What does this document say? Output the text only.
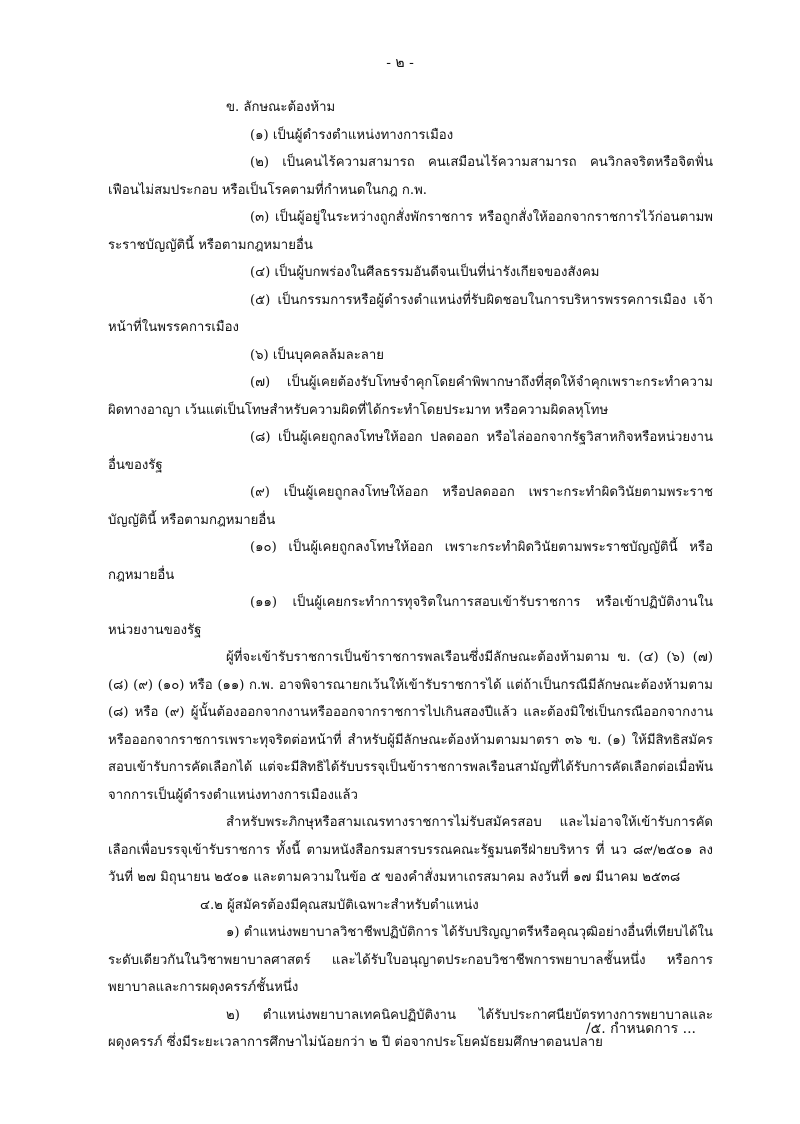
- ๒ -

ข. ลักษณะต้องห้าม

(๑) เป็นผู้ดำรงตำแหน่งทางการเมือง

(๒) เป็นคนไร้ความสามารถ คนเสมือนไร้ความสามารถ คนวิกลจริตหรือจิตฟั่นเฟือนไม่สมประกอบ หรือเป็นโรคตามที่กำหนดในกฎ ก.พ.

(๓) เป็นผู้อยู่ในระหว่างถูกสั่งพักราชการ หรือถูกสั่งให้ออกจากราชการไว้ก่อนตามพระราชบัญญัตินี้ หรือตามกฎหมายอื่น

(๔) เป็นผู้บกพร่องในศีลธรรมอันดีจนเป็นที่น่ารังเกียจของสังคม

(๕) เป็นกรรมการหรือผู้ดำรงตำแหน่งที่รับผิดชอบในการบริหารพรรคการเมือง เจ้าหน้าที่ในพรรคการเมือง

(๖) เป็นบุคคลล้มละลาย

(๗) เป็นผู้เคยต้องรับโทษจำคุกโดยคำพิพากษาถึงที่สุดให้จำคุกเพราะกระทำความผิดทางอาญา เว้นแต่เป็นโทษสำหรับความผิดที่ได้กระทำโดยประมาท หรือความผิดลหุโทษ

(๘) เป็นผู้เคยถูกลงโทษให้ออก ปลดออก หรือไล่ออกจากรัฐวิสาหกิจหรือหน่วยงานอื่นของรัฐ

(๙) เป็นผู้เคยถูกลงโทษให้ออก หรือปลดออก เพราะกระทำผิดวินัยตามพระราชบัญญัตินี้ หรือตามกฎหมายอื่น

(๑๐) เป็นผู้เคยถูกลงโทษให้ออก เพราะกระทำผิดวินัยตามพระราชบัญญัตินี้ หรือกฎหมายอื่น

(๑๑) เป็นผู้เคยกระทำการทุจริตในการสอบเข้ารับราชการ หรือเข้าปฏิบัติงานในหน่วยงานของรัฐ

ผู้ที่จะเข้ารับราชการเป็นข้าราชการพลเรือนซึ่งมีลักษณะต้องห้ามตาม ข. (๔) (๖) (๗) (๘) (๙) (๑๐) หรือ (๑๑) ก.พ. อาจพิจารณายกเว้นให้เข้ารับราชการได้ แต่ถ้าเป็นกรณีมีลักษณะต้องห้ามตาม (๘) หรือ (๙) ผู้นั้นต้องออกจากงานหรือออกจากราชการไปเกินสองปีแล้ว และต้องมิใช่เป็นกรณีออกจากงานหรือออกจากราชการเพราะทุจริตต่อหน้าที่ สำหรับผู้มีลักษณะต้องห้ามตามมาตรา ๓๖ ข. (๑) ให้มีสิทธิสมัครสอบเข้ารับการคัดเลือกได้ แต่จะมีสิทธิได้รับบรรจุเป็นข้าราชการพลเรือนสามัญที่ได้รับการคัดเลือกต่อเมื่อพ้นจากการเป็นผู้ดำรงตำแหน่งทางการเมืองแล้ว

สำหรับพระภิกษุหรือสามเณรทางราชการไม่รับสมัครสอบ และไม่อาจให้เข้ารับการคัดเลือกเพื่อบรรจุเข้ารับราชการ ทั้งนี้ ตามหนังสือกรมสารบรรณคณะรัฐมนตรีฝ่ายบริหาร ที่ นว ๘๙/๒๕๐๑ ลงวันที่ ๒๗ มิถุนายน ๒๕๐๑ และตามความในข้อ ๕ ของคำสั่งมหาเถรสมาคม ลงวันที่ ๑๗ มีนาคม ๒๕๓๘

๔.๒ ผู้สมัครต้องมีคุณสมบัติเฉพาะสำหรับตำแหน่ง

๑) ตำแหน่งพยาบาลวิชาชีพปฏิบัติการ ได้รับปริญญาตรีหรือคุณวุฒิอย่างอื่นที่เทียบได้ในระดับเดียวกันในวิชาพยาบาลศาสตร์ และได้รับใบอนุญาตประกอบวิชาชีพการพยาบาลชั้นหนึ่ง หรือการพยาบาลและการผดุงครรภ์ชั้นหนึ่ง

๒) ตำแหน่งพยาบาลเทคนิคปฏิบัติงาน ได้รับประกาศนียบัตรทางการพยาบาลและผดุงครรภ์ ซึ่งมีระยะเวลาการศึกษาไม่น้อยกว่า ๒ ปี ต่อจากประโยคมัธยมศึกษาตอนปลาย

/๕. กำหนดการ ...
